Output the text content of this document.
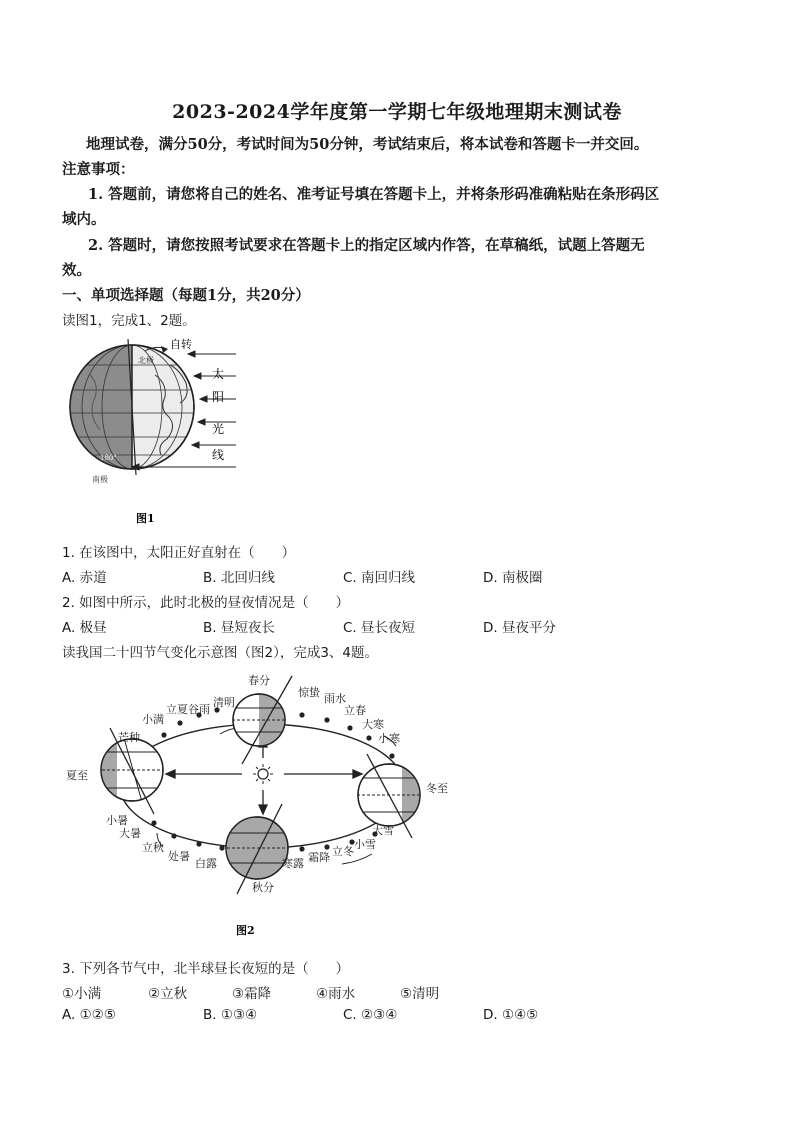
2023-2024学年度第一学期七年级地理期末测试卷
地理试卷，满分50分，考试时间为50分钟，考试结束后，将本试卷和答题卡一并交回。
注意事项：
1. 答题前，请您将自己的姓名、准考证号填在答题卡上，并将条形码准确粘贴在条形码区
域内。
2. 答题时，请您按照考试要求在答题卡上的指定区域内作答，在草稿纸，试题上答题无
效。
一、单项选择题（每题1分，共20分）
读图1，完成1、2题。
自转
太
阳
光
线
北极
180°
南极
图1
1. 在该图中，太阳正好直射在（　　）
A. 赤道	B. 北回归线	C. 南回归线	D. 南极圈
2. 如图中所示，此时北极的昼夜情况是（　　）
A. 极昼	B. 昼短夜长	C. 昼长夜短	D. 昼夜平分
读我国二十四节气变化示意图（图2），完成3、4题。
春分
清明
立夏谷雨
小满
芒种
夏至
小暑
大暑
立秋
处暑
白露
秋分
寒露 霜降 立冬
小雪
大雪
冬至
小寒
大寒
立春
雨水
惊蛰
图2
3. 下列各节气中，北半球昼长夜短的是（　　）
①小满	②立秋	③霜降	④雨水	⑤清明
A. ①②⑤	B. ①③④	C. ②③④	D. ①④⑤
